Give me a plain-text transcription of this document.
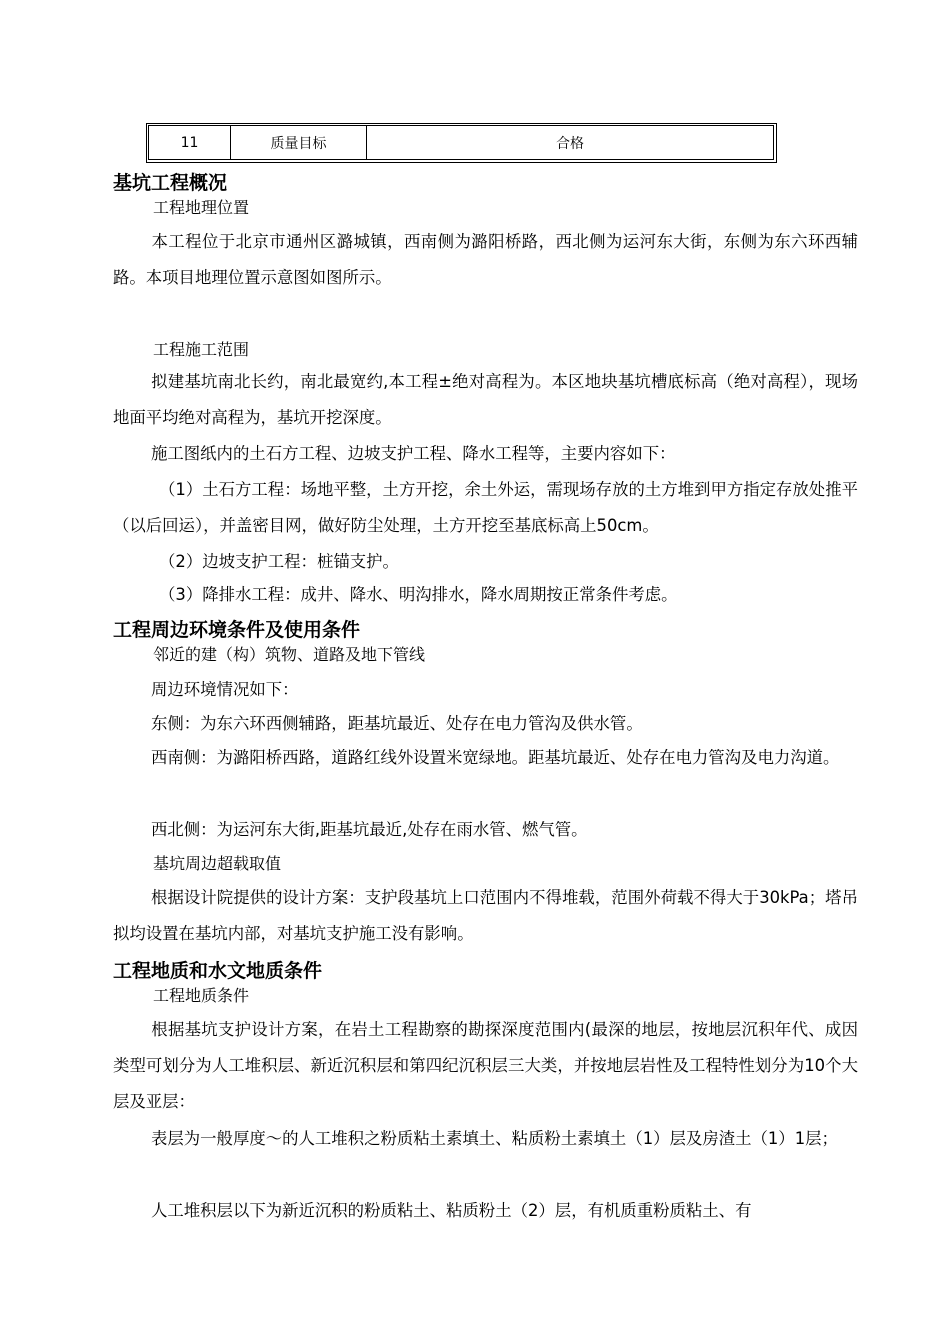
11	质量目标	合格
基坑工程概况
工程地理位置
本工程位于北京市通州区潞城镇，西南侧为潞阳桥路，西北侧为运河东大街，东侧为东六环西辅路。本项目地理位置示意图如图所示。
工程施工范围
拟建基坑南北长约，南北最宽约,本工程±绝对高程为。本区地块基坑槽底标高（绝对高程），现场地面平均绝对高程为，基坑开挖深度。
施工图纸内的土石方工程、边坡支护工程、降水工程等，主要内容如下：
（1）土石方工程：场地平整，土方开挖，余土外运，需现场存放的土方堆到甲方指定存放处推平（以后回运），并盖密目网，做好防尘处理，土方开挖至基底标高上50cm。
（2）边坡支护工程：桩锚支护。
（3）降排水工程：成井、降水、明沟排水，降水周期按正常条件考虑。
工程周边环境条件及使用条件
邻近的建（构）筑物、道路及地下管线
周边环境情况如下：
东侧：为东六环西侧辅路，距基坑最近、处存在电力管沟及供水管。
西南侧：为潞阳桥西路，道路红线外设置米宽绿地。距基坑最近、处存在电力管沟及电力沟道。
西北侧：为运河东大街,距基坑最近,处存在雨水管、燃气管。
基坑周边超载取值
根据设计院提供的设计方案：支护段基坑上口范围内不得堆载，范围外荷载不得大于30kPa；塔吊拟均设置在基坑内部，对基坑支护施工没有影响。
工程地质和水文地质条件
工程地质条件
根据基坑支护设计方案，在岩土工程勘察的勘探深度范围内(最深的地层，按地层沉积年代、成因类型可划分为人工堆积层、新近沉积层和第四纪沉积层三大类，并按地层岩性及工程特性划分为10个大层及亚层：
表层为一般厚度～的人工堆积之粉质粘土素填土、粘质粉土素填土（1）层及房渣土（1）1层；
人工堆积层以下为新近沉积的粉质粘土、粘质粉土（2）层，有机质重粉质粘土、有
